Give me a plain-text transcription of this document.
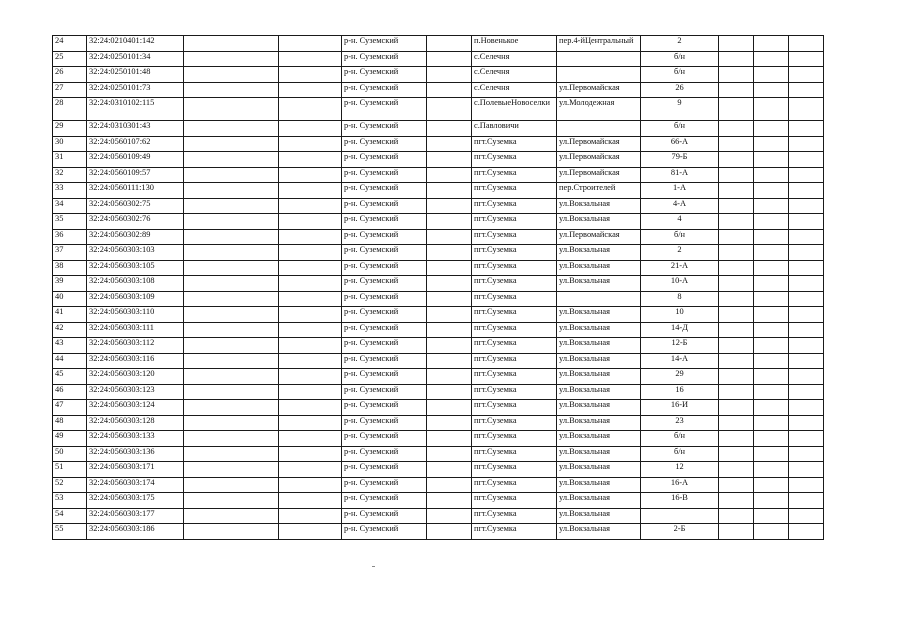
24	32:24:0210401:142			р-н. Суземский		п.Новенькое	пер.4-йЦентральный	2			
25	32:24:0250101:34			р-н. Суземский		с.Селечня		б/н			
26	32:24:0250101:48			р-н. Суземский		с.Селечня		б/н			
27	32:24:0250101:73			р-н. Суземский		с.Селечня	ул.Первомайская	26			
28	32:24:0310102:115			р-н. Суземский		с.ПолевыеНовоселки	ул.Молодежная	9			
29	32:24:0310301:43			р-н. Суземский		с.Павловичи		б/н			
30	32:24:0560107:62			р-н. Суземский		пгт.Суземка	ул.Первомайская	66-А			
31	32:24:0560109:49			р-н. Суземский		пгт.Суземка	ул.Первомайская	79-Б			
32	32:24:0560109:57			р-н. Суземский		пгт.Суземка	ул.Первомайская	81-А			
33	32:24:0560111:130			р-н. Суземский		пгт.Суземка	пер.Строителей	1-А			
34	32:24:0560302:75			р-н. Суземский		пгт.Суземка	ул.Вокзальная	4-А			
35	32:24:0560302:76			р-н. Суземский		пгт.Суземка	ул.Вокзальная	4			
36	32:24:0560302:89			р-н. Суземский		пгт.Суземка	ул.Первомайская	б/н			
37	32:24:0560303:103			р-н. Суземский		пгт.Суземка	ул.Вокзальная	2			
38	32:24:0560303:105			р-н. Суземский		пгт.Суземка	ул.Вокзальная	21-А			
39	32:24:0560303:108			р-н. Суземский		пгт.Суземка	ул.Вокзальная	10-А			
40	32:24:0560303:109			р-н. Суземский		пгт.Суземка		8			
41	32:24:0560303:110			р-н. Суземский		пгт.Суземка	ул.Вокзальная	10			
42	32:24:0560303:111			р-н. Суземский		пгт.Суземка	ул.Вокзальная	14-Д			
43	32:24:0560303:112			р-н. Суземский		пгт.Суземка	ул.Вокзальная	12-Б			
44	32:24:0560303:116			р-н. Суземский		пгт.Суземка	ул.Вокзальная	14-А			
45	32:24:0560303:120			р-н. Суземский		пгт.Суземка	ул.Вокзальная	29			
46	32:24:0560303:123			р-н. Суземский		пгт.Суземка	ул.Вокзальная	16			
47	32:24:0560303:124			р-н. Суземский		пгт.Суземка	ул.Вокзальная	16-И			
48	32:24:0560303:128			р-н. Суземский		пгт.Суземка	ул.Вокзальная	23			
49	32:24:0560303:133			р-н. Суземский		пгт.Суземка	ул.Вокзальная	б/н			
50	32:24:0560303:136			р-н. Суземский		пгт.Суземка	ул.Вокзальная	б/н			
51	32:24:0560303:171			р-н. Суземский		пгт.Суземка	ул.Вокзальная	12			
52	32:24:0560303:174			р-н. Суземский		пгт.Суземка	ул.Вокзальная	16-А			
53	32:24:0560303:175			р-н. Суземский		пгт.Суземка	ул.Вокзальная	16-В			
54	32:24:0560303:177			р-н. Суземский		пгт.Суземка	ул.Вокзальная				
55	32:24:0560303:186			р-н. Суземский		пгт.Суземка	ул.Вокзальная	2-Б			
